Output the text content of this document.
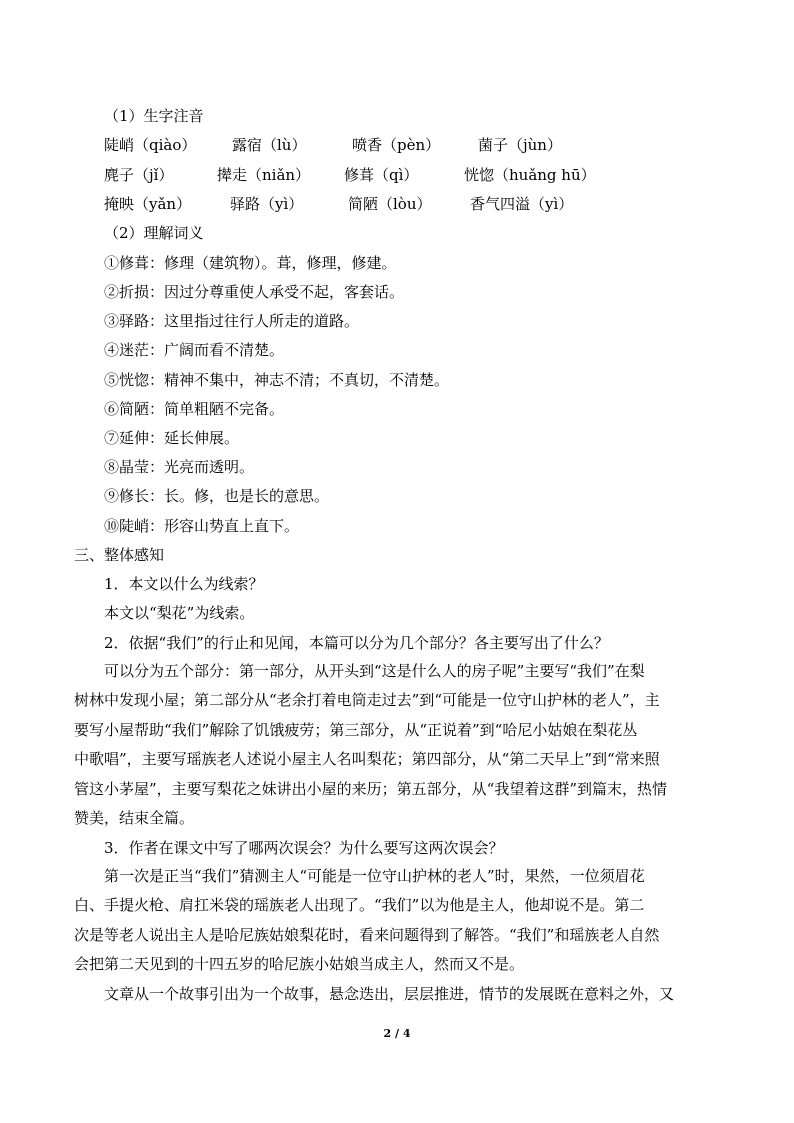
（1）生字注音
陡峭（qiào） 露宿（lù）	喷香（pèn）	菌子（jùn）
麂子（jǐ）	撵走（niǎn） 修葺（qì）	恍惚（huǎng hū）
掩映（yǎn）	驿路（yì）	简陋（lòu）	香气四溢（yì）
（2）理解词义
①修葺：修理（建筑物）。葺，修理，修建。
②折损：因过分尊重使人承受不起，客套话。
③驿路：这里指过往行人所走的道路。
④迷茫：广阔而看不清楚。
⑤恍惚：精神不集中，神志不清；不真切，不清楚。
⑥简陋：简单粗陋不完备。
⑦延伸：延长伸展。
⑧晶莹：光亮而透明。
⑨修长：长。修，也是长的意思。
⑩陡峭：形容山势直上直下。
三、整体感知
1．本文以什么为线索？
本文以“梨花”为线索。
2．依据“我们”的行止和见闻，本篇可以分为几个部分？各主要写出了什么？
可以分为五个部分：第一部分，从开头到“这是什么人的房子呢”主要写“我们”在梨
树林中发现小屋；第二部分从“老余打着电筒走过去”到“可能是一位守山护林的老人”，主
要写小屋帮助“我们”解除了饥饿疲劳；第三部分，从“正说着”到“哈尼小姑娘在梨花丛
中歌唱”，主要写瑶族老人述说小屋主人名叫梨花；第四部分，从“第二天早上”到“常来照
管这小茅屋”，主要写梨花之妹讲出小屋的来历；第五部分，从“我望着这群”到篇末，热情
赞美，结束全篇。
3．作者在课文中写了哪两次误会？为什么要写这两次误会？
第一次是正当“我们”猜测主人“可能是一位守山护林的老人”时，果然，一位须眉花
白、手提火枪、肩扛米袋的瑶族老人出现了。“我们”以为他是主人，他却说不是。第二
次是等老人说出主人是哈尼族姑娘梨花时，看来问题得到了解答。“我们”和瑶族老人自然
会把第二天见到的十四五岁的哈尼族小姑娘当成主人，然而又不是。
文章从一个故事引出为一个故事，悬念迭出，层层推进，情节的发展既在意料之外，又
2 / 4
